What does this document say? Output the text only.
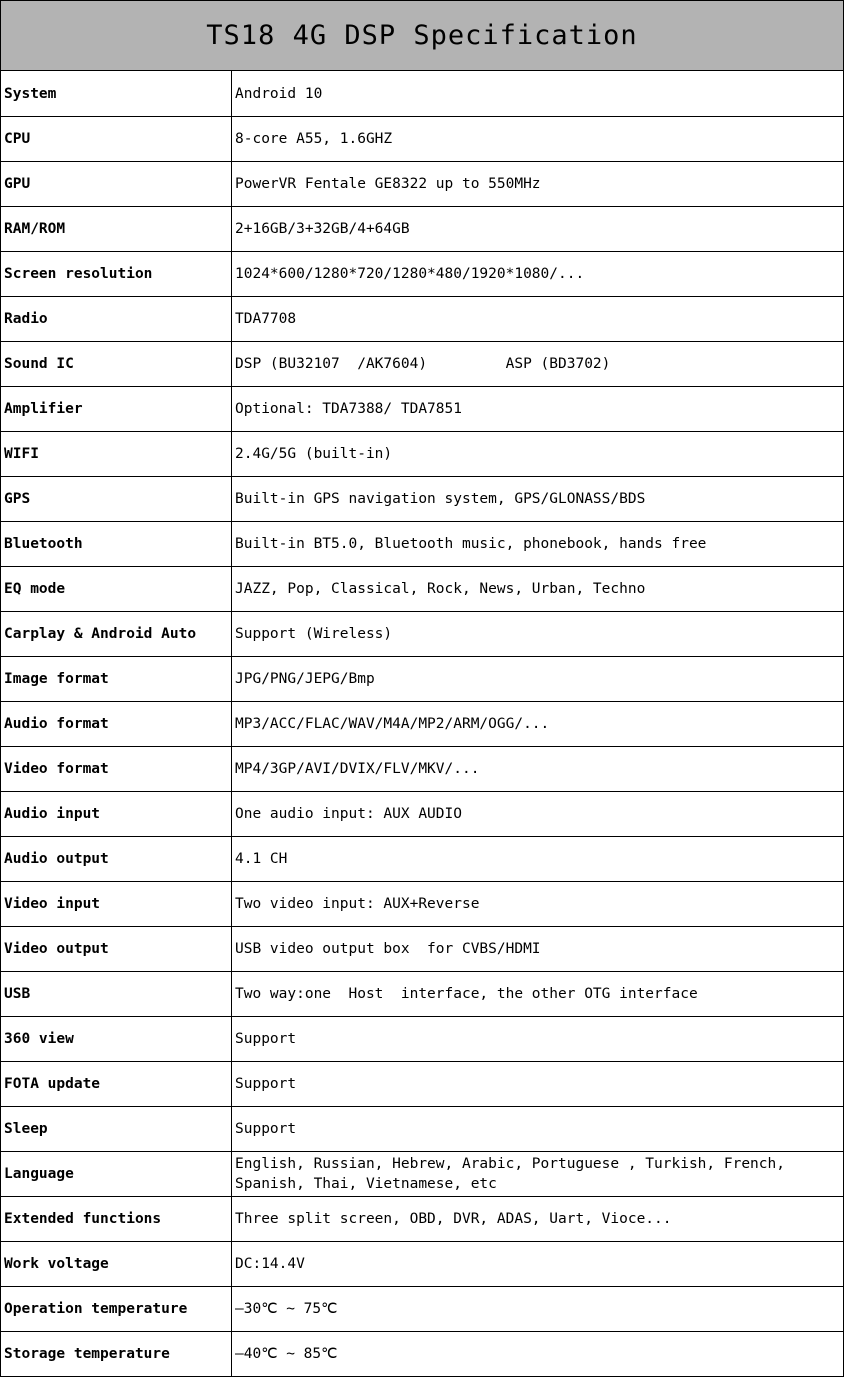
TS18 4G DSP Specification
System	Android 10
CPU	8-core A55, 1.6GHZ
GPU	PowerVR Fentale GE8322 up to 550MHz
RAM/ROM	2+16GB/3+32GB/4+64GB
Screen resolution	1024*600/1280*720/1280*480/1920*1080/...
Radio	TDA7708
Sound IC	DSP (BU32107  /AK7604)         ASP (BD3702)
Amplifier	Optional: TDA7388/ TDA7851
WIFI	2.4G/5G (built-in)
GPS	Built-in GPS navigation system, GPS/GLONASS/BDS
Bluetooth	Built-in BT5.0, Bluetooth music, phonebook, hands free
EQ mode	JAZZ, Pop, Classical, Rock, News, Urban, Techno
Carplay & Android Auto	Support (Wireless)
Image format	JPG/PNG/JEPG/Bmp
Audio format	MP3/ACC/FLAC/WAV/M4A/MP2/ARM/OGG/...
Video format	MP4/3GP/AVI/DVIX/FLV/MKV/...
Audio input	One audio input: AUX AUDIO
Audio output	4.1 CH
Video input	Two video input: AUX+Reverse
Video output	USB video output box  for CVBS/HDMI
USB	Two way:one  Host  interface, the other OTG interface
360 view	Support
FOTA update	Support
Sleep	Support
Language	English, Russian, Hebrew, Arabic, Portuguese , Turkish, French, Spanish, Thai, Vietnamese, etc
Extended functions	Three split screen, OBD, DVR, ADAS, Uart, Vioce...
Work voltage	DC:14.4V
Operation temperature	—30℃ ~ 75℃
Storage temperature	—40℃ ~ 85℃
